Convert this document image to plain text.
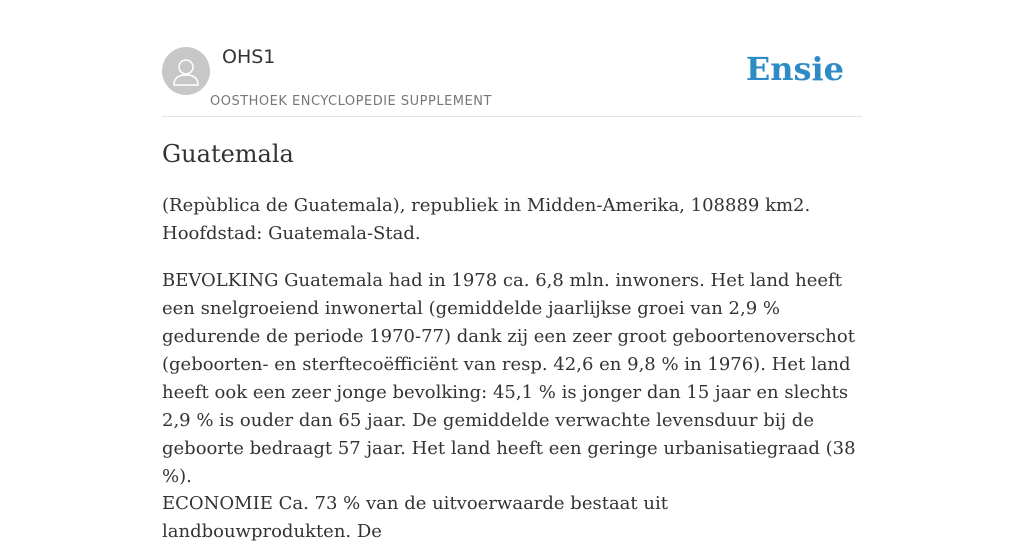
OHS1
OOSTHOEK ENCYCLOPEDIE SUPPLEMENT
Ensie
Guatemala

(Repùblica de Guatemala), republiek in Midden-Amerika, 108889 km2. Hoofdstad: Guatemala-Stad.

BEVOLKING Guatemala had in 1978 ca. 6,8 mln. inwoners. Het land heeft een snelgroeiend inwonertal (gemiddelde jaarlijkse groei van 2,9 % gedurende de periode 1970-77) dank zij een zeer groot geboortenoverschot (geboorten- en sterftecoëfficiënt van resp. 42,6 en 9,8 % in 1976). Het land heeft ook een zeer jonge bevolking: 45,1 % is jonger dan 15 jaar en slechts 2,9 % is ouder dan 65 jaar. De gemiddelde verwachte levensduur bij de geboorte bedraagt 57 jaar. Het land heeft een geringe urbanisatiegraad (38 %).

ECONOMIE Ca. 73 % van de uitvoerwaarde bestaat uit landbouwprodukten. De
